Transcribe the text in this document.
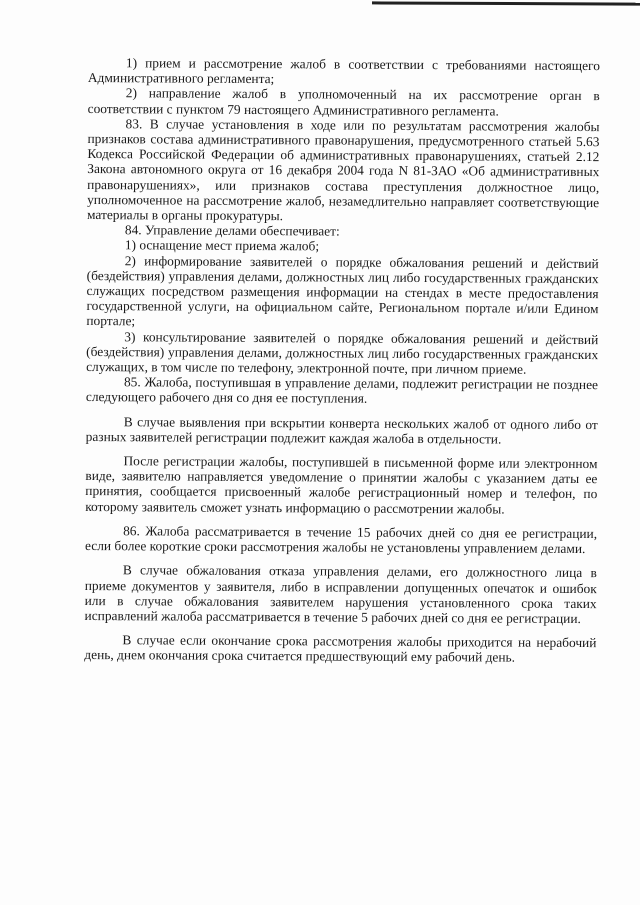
1) прием и рассмотрение жалоб в соответствии с требованиями настоящего Административного регламента;

2) направление жалоб в уполномоченный на их рассмотрение орган в соответствии с пунктом 79 настоящего Административного регламента.

83. В случае установления в ходе или по результатам рассмотрения жалобы признаков состава административного правонарушения, предусмотренного статьей 5.63 Кодекса Российской Федерации об административных правонарушениях, статьей 2.12 Закона автономного округа от 16 декабря 2004 года N 81-ЗАО «Об административных правонарушениях», или признаков состава преступления должностное лицо, уполномоченное на рассмотрение жалоб, незамедлительно направляет соответствующие материалы в органы прокуратуры.

84. Управление делами обеспечивает:

1) оснащение мест приема жалоб;

2) информирование заявителей о порядке обжалования решений и действий (бездействия) управления делами, должностных лиц либо государственных гражданских служащих посредством размещения информации на стендах в месте предоставления государственной услуги, на официальном сайте, Региональном портале и/или Едином портале;

3) консультирование заявителей о порядке обжалования решений и действий (бездействия) управления делами, должностных лиц либо государственных гражданских служащих, в том числе по телефону, электронной почте, при личном приеме.

85. Жалоба, поступившая в управление делами, подлежит регистрации не позднее следующего рабочего дня со дня ее поступления.

В случае выявления при вскрытии конверта нескольких жалоб от одного либо от разных заявителей регистрации подлежит каждая жалоба в отдельности.

После регистрации жалобы, поступившей в письменной форме или электронном виде, заявителю направляется уведомление о принятии жалобы с указанием даты ее принятия, сообщается присвоенный жалобе регистрационный номер и телефон, по которому заявитель сможет узнать информацию о рассмотрении жалобы.

86. Жалоба рассматривается в течение 15 рабочих дней со дня ее регистрации, если более короткие сроки рассмотрения жалобы не установлены управлением делами.

В случае обжалования отказа управления делами, его должностного лица в приеме документов у заявителя, либо в исправлении допущенных опечаток и ошибок или в случае обжалования заявителем нарушения установленного срока таких исправлений жалоба рассматривается в течение 5 рабочих дней со дня ее регистрации.

В случае если окончание срока рассмотрения жалобы приходится на нерабочий день, днем окончания срока считается предшествующий ему рабочий день.
